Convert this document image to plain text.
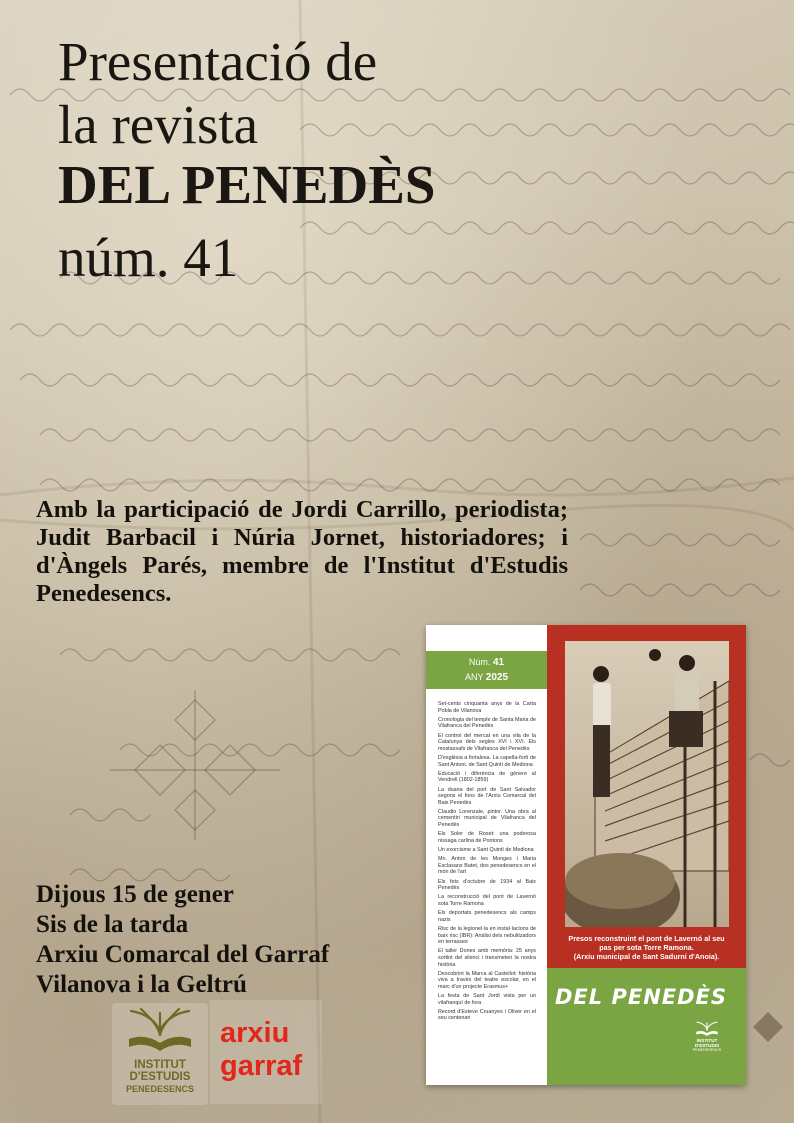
Presentació de
la revista
DEL PENEDÈS
núm. 41

Amb la participació de Jordi Carrillo, periodista; Judit Barbacil i Núria Jornet, historiadores; i d'Àngels Parés, membre de l'Institut d'Estudis Penedesencs.

Dijous 15 de gener
Sis de la tarda
Arxiu Comarcal del Garraf
Vilanova i la Geltrú
INSTITUT
D'ESTUDIS
PENEDESENCS
arxiu
garraf
Núm. 41
ANY 2025
Set-cents cinquanta anys de la Carta Pobla de Vilanova
Cronologia del temple de Santa Maria de Vilafranca del Penedès
El control del mercat en una vila de la Catalunya dels segles XVI i XVI. Els mostassafs de Vilafranca del Penedès
D'església a fortalesa. La capella-fortí de Sant Antoni, de Sant Quintí de Mediona
Educació i diferència de gènere al Vendrell (1802-1859)
La duana del port de Sant Salvador segons el fons de l'Arxiu Comarcal del Baix Penedès
Claudio Lorenzale, pintor. Una obra al cementiri municipal de Vilafranca del Penedès
Els Soler de Roset: una poderosa nissaga carlina de Pontons
Un exorcisme a Sant Quintí de Mediona
Mn. Anton de les Monges i Maria Esclasans Batet, dos penedesencs en el món de l'art
Els fets d'octubre de 1934 al Baix Penedès
La reconstrucció del pont de Lavernó sota Torre Ramona
Els deportats penedesencs als camps nazis
Risc de la legionel·la en instal·lacions de baix risc (IBR): Anàlisi dels nebulitzadors en terrasses
El taller Dones amb memòria: 25 anys sortint del silenci i transmeten la nostra història
Descobrint la Marca al Castellot: història viva a través del teatre escolar, en el marc d'un projecte Erasmus+
La festa de Sant Jordi vista per un vilafranquí de fora
Record d'Esteve Cruanyes i Oliver en el seu centenari
Presos reconstruint el pont de Lavernó al seu
pas per sota Torre Ramona.
(Arxiu municipal de Sant Sadurní d'Anoia).
DEL PENEDÈS
INSTITUT
D'ESTUDIS
PENEDESENCS
